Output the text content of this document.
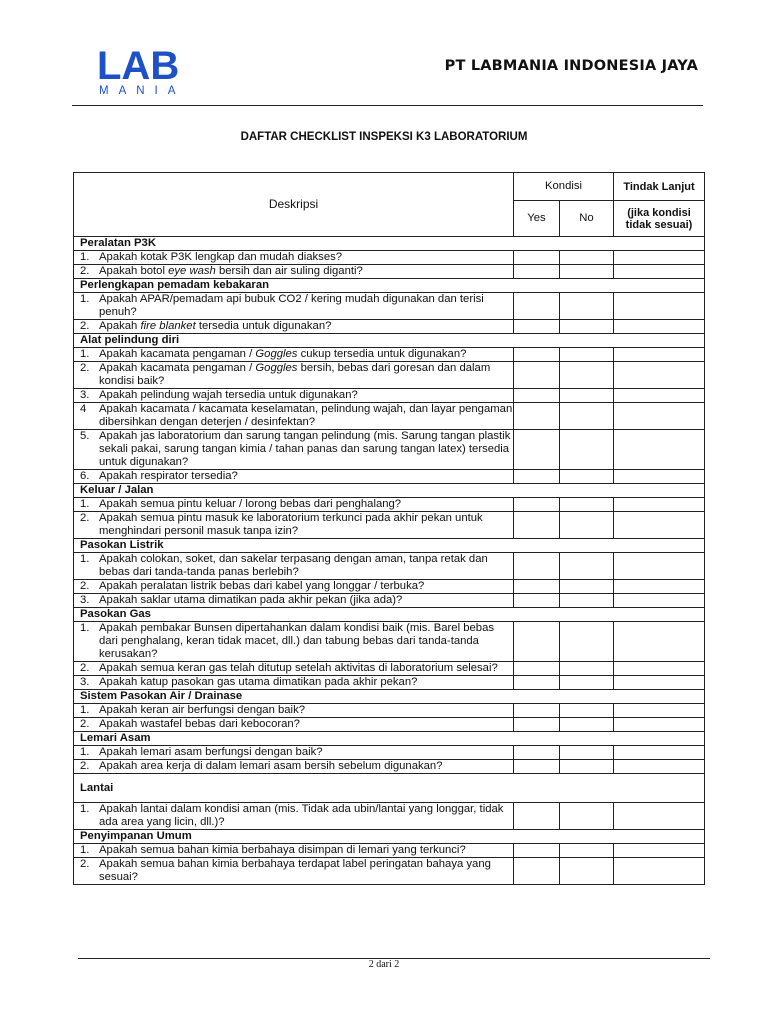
LAB
MANIA
PT LABMANIA INDONESIA JAYA
DAFTAR CHECKLIST INSPEKSI K3 LABORATORIUM
Deskripsi	Kondisi		Tindak Lanjut
	Yes	No	(jika kondisi tidak sesuai)
Peralatan P3K			

1. Apakah kotak P3K lengkap dan mudah diakses?			

2. Apakah botol eye wash bersih dan air suling diganti?			

Perlengkapan pemadam kebakaran			

1. Apakah APAR/pemadam api bubuk CO2 / kering mudah digunakan dan terisi penuh?			

2. Apakah fire blanket tersedia untuk digunakan?			

Alat pelindung diri			

1. Apakah kacamata pengaman / Goggles cukup tersedia untuk digunakan?			

2. Apakah kacamata pengaman / Goggles bersih, bebas dari goresan dan dalam kondisi baik?			

3. Apakah pelindung wajah tersedia untuk digunakan?			

4 Apakah kacamata / kacamata keselamatan, pelindung wajah, dan layar pengaman dibersihkan dengan deterjen / desinfektan?			

5. Apakah jas laboratorium dan sarung tangan pelindung (mis. Sarung tangan plastik sekali pakai, sarung tangan kimia / tahan panas dan sarung tangan latex) tersedia untuk digunakan?			

6. Apakah respirator tersedia?			

Keluar / Jalan			

1. Apakah semua pintu keluar / lorong bebas dari penghalang?			

2. Apakah semua pintu masuk ke laboratorium terkunci pada akhir pekan untuk menghindari personil masuk tanpa izin?			

Pasokan Listrik			

1. Apakah colokan, soket, dan sakelar terpasang dengan aman, tanpa retak dan bebas dari tanda-tanda panas berlebih?			

2. Apakah peralatan listrik bebas dari kabel yang longgar / terbuka?			

3. Apakah saklar utama dimatikan pada akhir pekan (jika ada)?			

Pasokan Gas			

1. Apakah pembakar Bunsen dipertahankan dalam kondisi baik (mis. Barel bebas dari penghalang, keran tidak macet, dll.) dan tabung bebas dari tanda-tanda kerusakan?			

2. Apakah semua keran gas telah ditutup setelah aktivitas di laboratorium selesai?			

3. Apakah katup pasokan gas utama dimatikan pada akhir pekan?			

Sistem Pasokan Air / Drainase			

1. Apakah keran air berfungsi dengan baik?			

2. Apakah wastafel bebas dari kebocoran?			

Lemari Asam			

1. Apakah lemari asam berfungsi dengan baik?			

2. Apakah area kerja di dalam lemari asam bersih sebelum digunakan?			

Lantai			

1. Apakah lantai dalam kondisi aman (mis. Tidak ada ubin/lantai yang longgar, tidak ada area yang licin, dll.)?			

Penyimpanan Umum			

1. Apakah semua bahan kimia berbahaya disimpan di lemari yang terkunci?			

2. Apakah semua bahan kimia berbahaya terdapat label peringatan bahaya yang sesuai?			

2 dari 2
